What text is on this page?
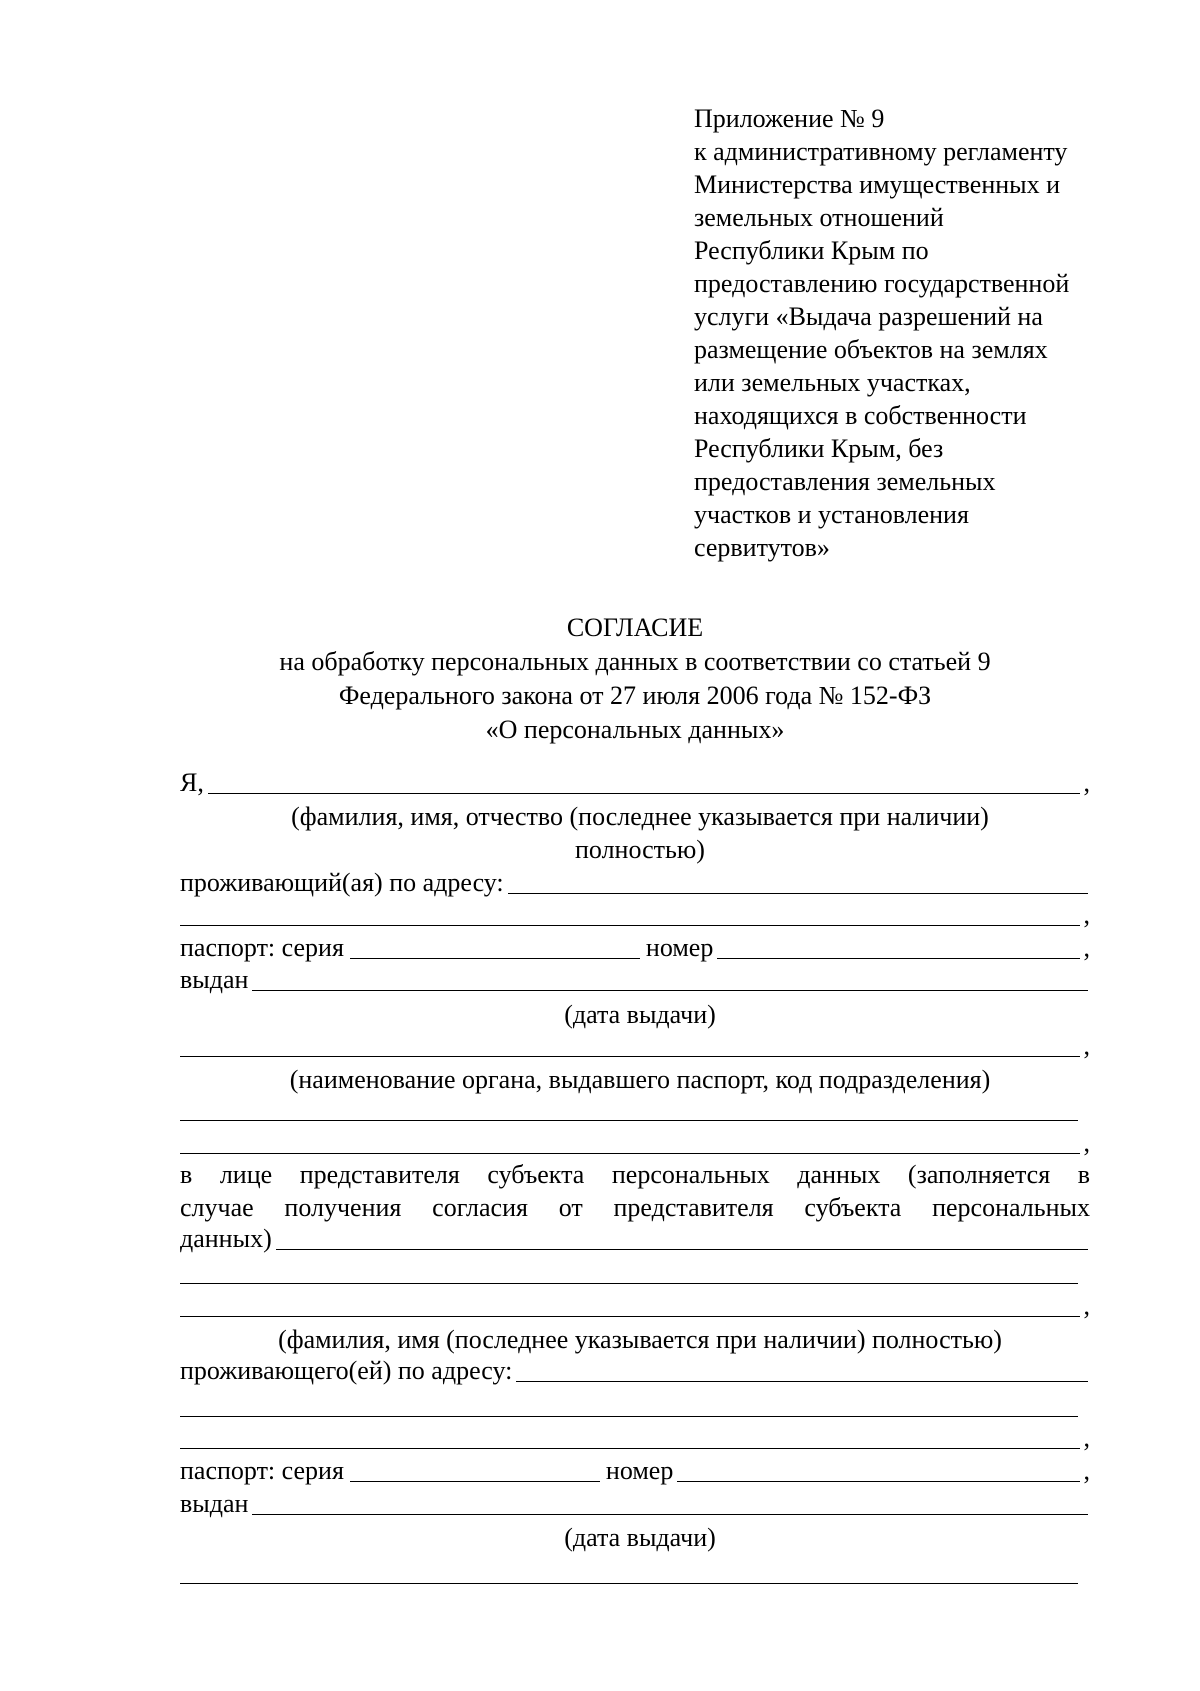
Приложение № 9
к административному регламенту
Министерства имущественных и
земельных отношений
Республики Крым по
предоставлению государственной
услуги «Выдача разрешений на
размещение объектов на землях
или земельных участках,
находящихся в собственности
Республики Крым, без
предоставления земельных
участков и установления
сервитутов»
СОГЛАСИЕ
на обработку персональных данных в соответствии со статьей 9
Федерального закона от 27 июля 2006 года № 152-ФЗ
«О персональных данных»
Я,	,
(фамилия, имя, отчество (последнее указывается при наличии)
полностью)
проживающий(ая) по адресу:
,
паспорт: серия	номер	,
выдан
(дата выдачи)
,
(наименование органа, выдавшего паспорт, код подразделения)
,
в лице представителя субъекта персональных данных (заполняется в
случае получения согласия от представителя субъекта персональных
данных)
,
(фамилия, имя (последнее указывается при наличии) полностью)
проживающего(ей) по адресу:
,
паспорт: серия	номер	,
выдан
(дата выдачи)
